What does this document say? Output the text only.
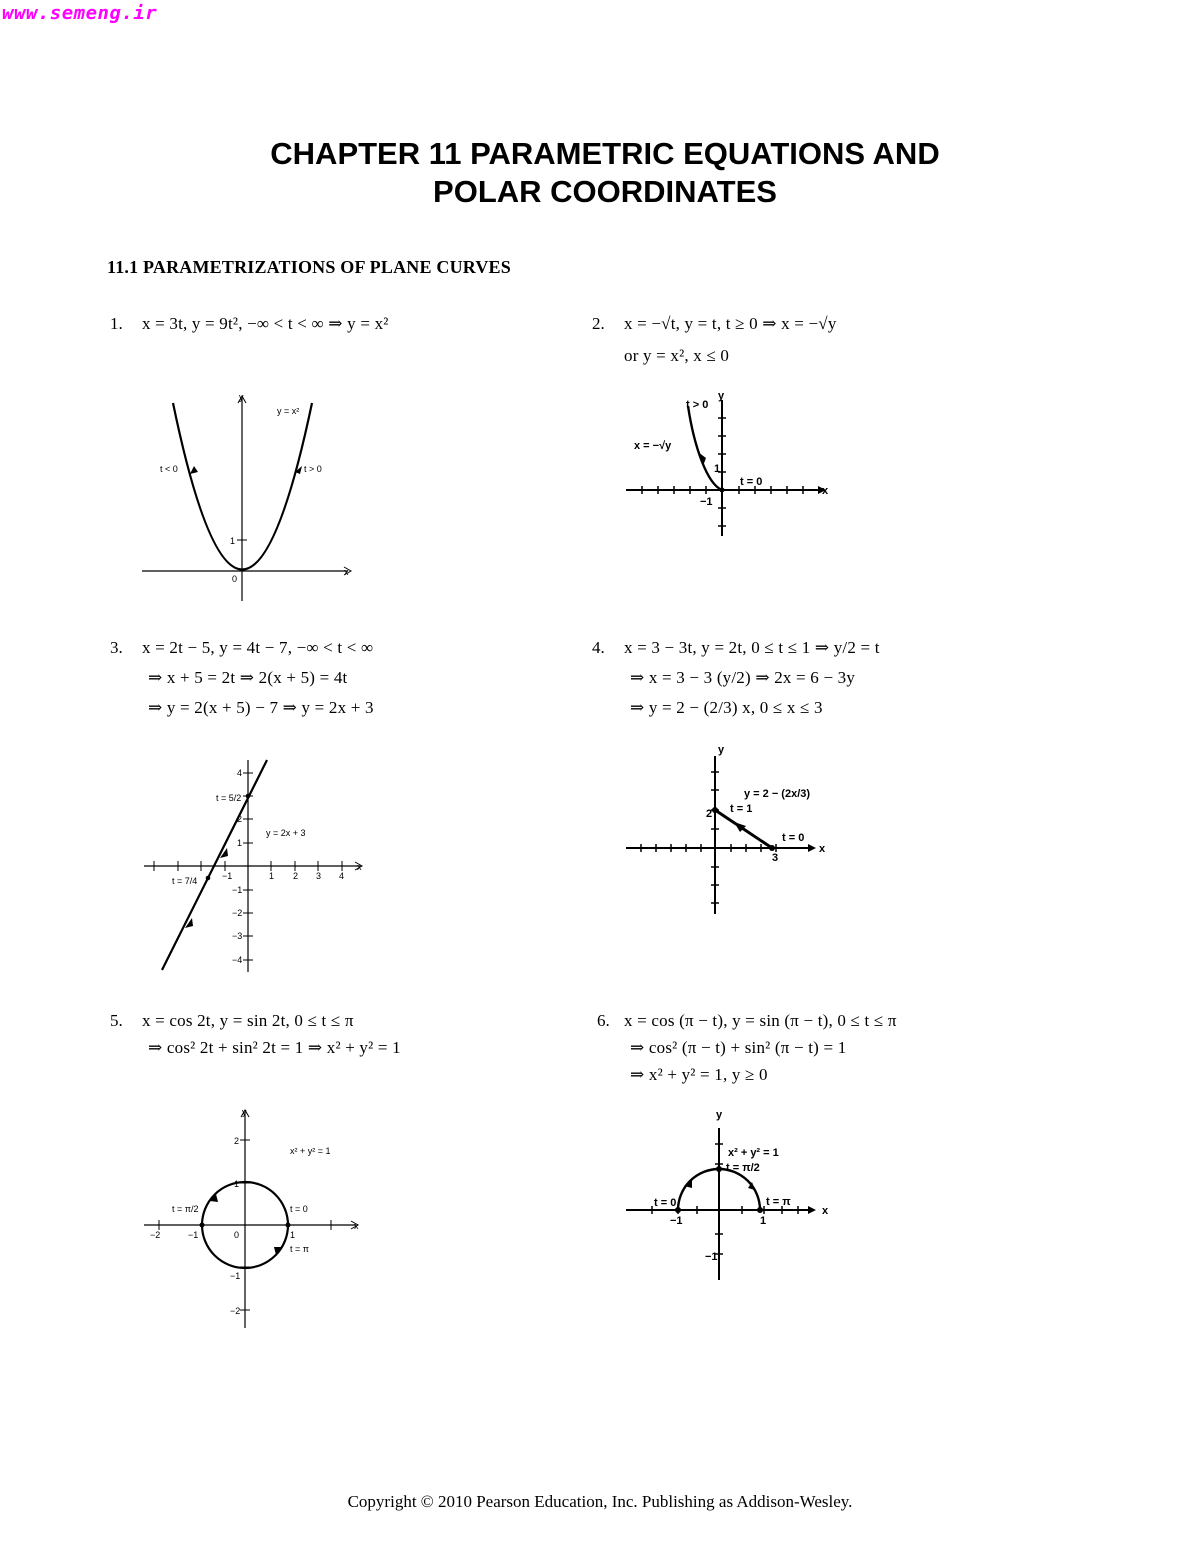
www.semeng.ir
CHAPTER 11 PARAMETRIC EQUATIONS AND
POLAR COORDINATES
11.1 PARAMETRIZATIONS OF PLANE CURVES
1. x = 3t, y = 9t², −∞ < t < ∞ ⇒ y = x²	2. x = −√t, y = t, t ≥ 0 ⇒ x = −√y
or y = x², x ≤ 0
3. x = 2t − 5, y = 4t − 7, −∞ < t < ∞
⇒ x + 5 = 2t ⇒ 2(x + 5) = 4t
⇒ y = 2(x + 5) − 7 ⇒ y = 2x + 3
4. x = 3 − 3t, y = 2t, 0 ≤ t ≤ 1 ⇒ y/2 = t
⇒ x = 3 − 3 (y/2) ⇒ 2x = 6 − 3y
⇒ y = 2 − (2/3) x, 0 ≤ x ≤ 3
5. x = cos 2t, y = sin 2t, 0 ≤ t ≤ π
⇒ cos² 2t + sin² 2t = 1 ⇒ x² + y² = 1
6. x = cos (π − t), y = sin (π − t), 0 ≤ t ≤ π
⇒ cos² (π − t) + sin² (π − t) = 1
⇒ x² + y² = 1, y ≥ 0
1
0
x
y
y = x²
t < 0	t > 0
t > 0
y
x = −√y
1
t = 0
x
−1
4
2
1
−1
−2
−3
−4
−1	1 2 3 4
x
y = 2x + 3
t = 5/2
t = 7/4
y
y = 2 − (2x/3)
t = 1
t = 0
x
3
2
y
2
1
−1
−2
−2	−1	0	1
x
x² + y² = 1
t = π/2	t = 0
t = π
y
x² + y² = 1
t = π/2
t = 0	t = π
x
−1	1
−1
Copyright © 2010 Pearson Education, Inc. Publishing as Addison-Wesley.
